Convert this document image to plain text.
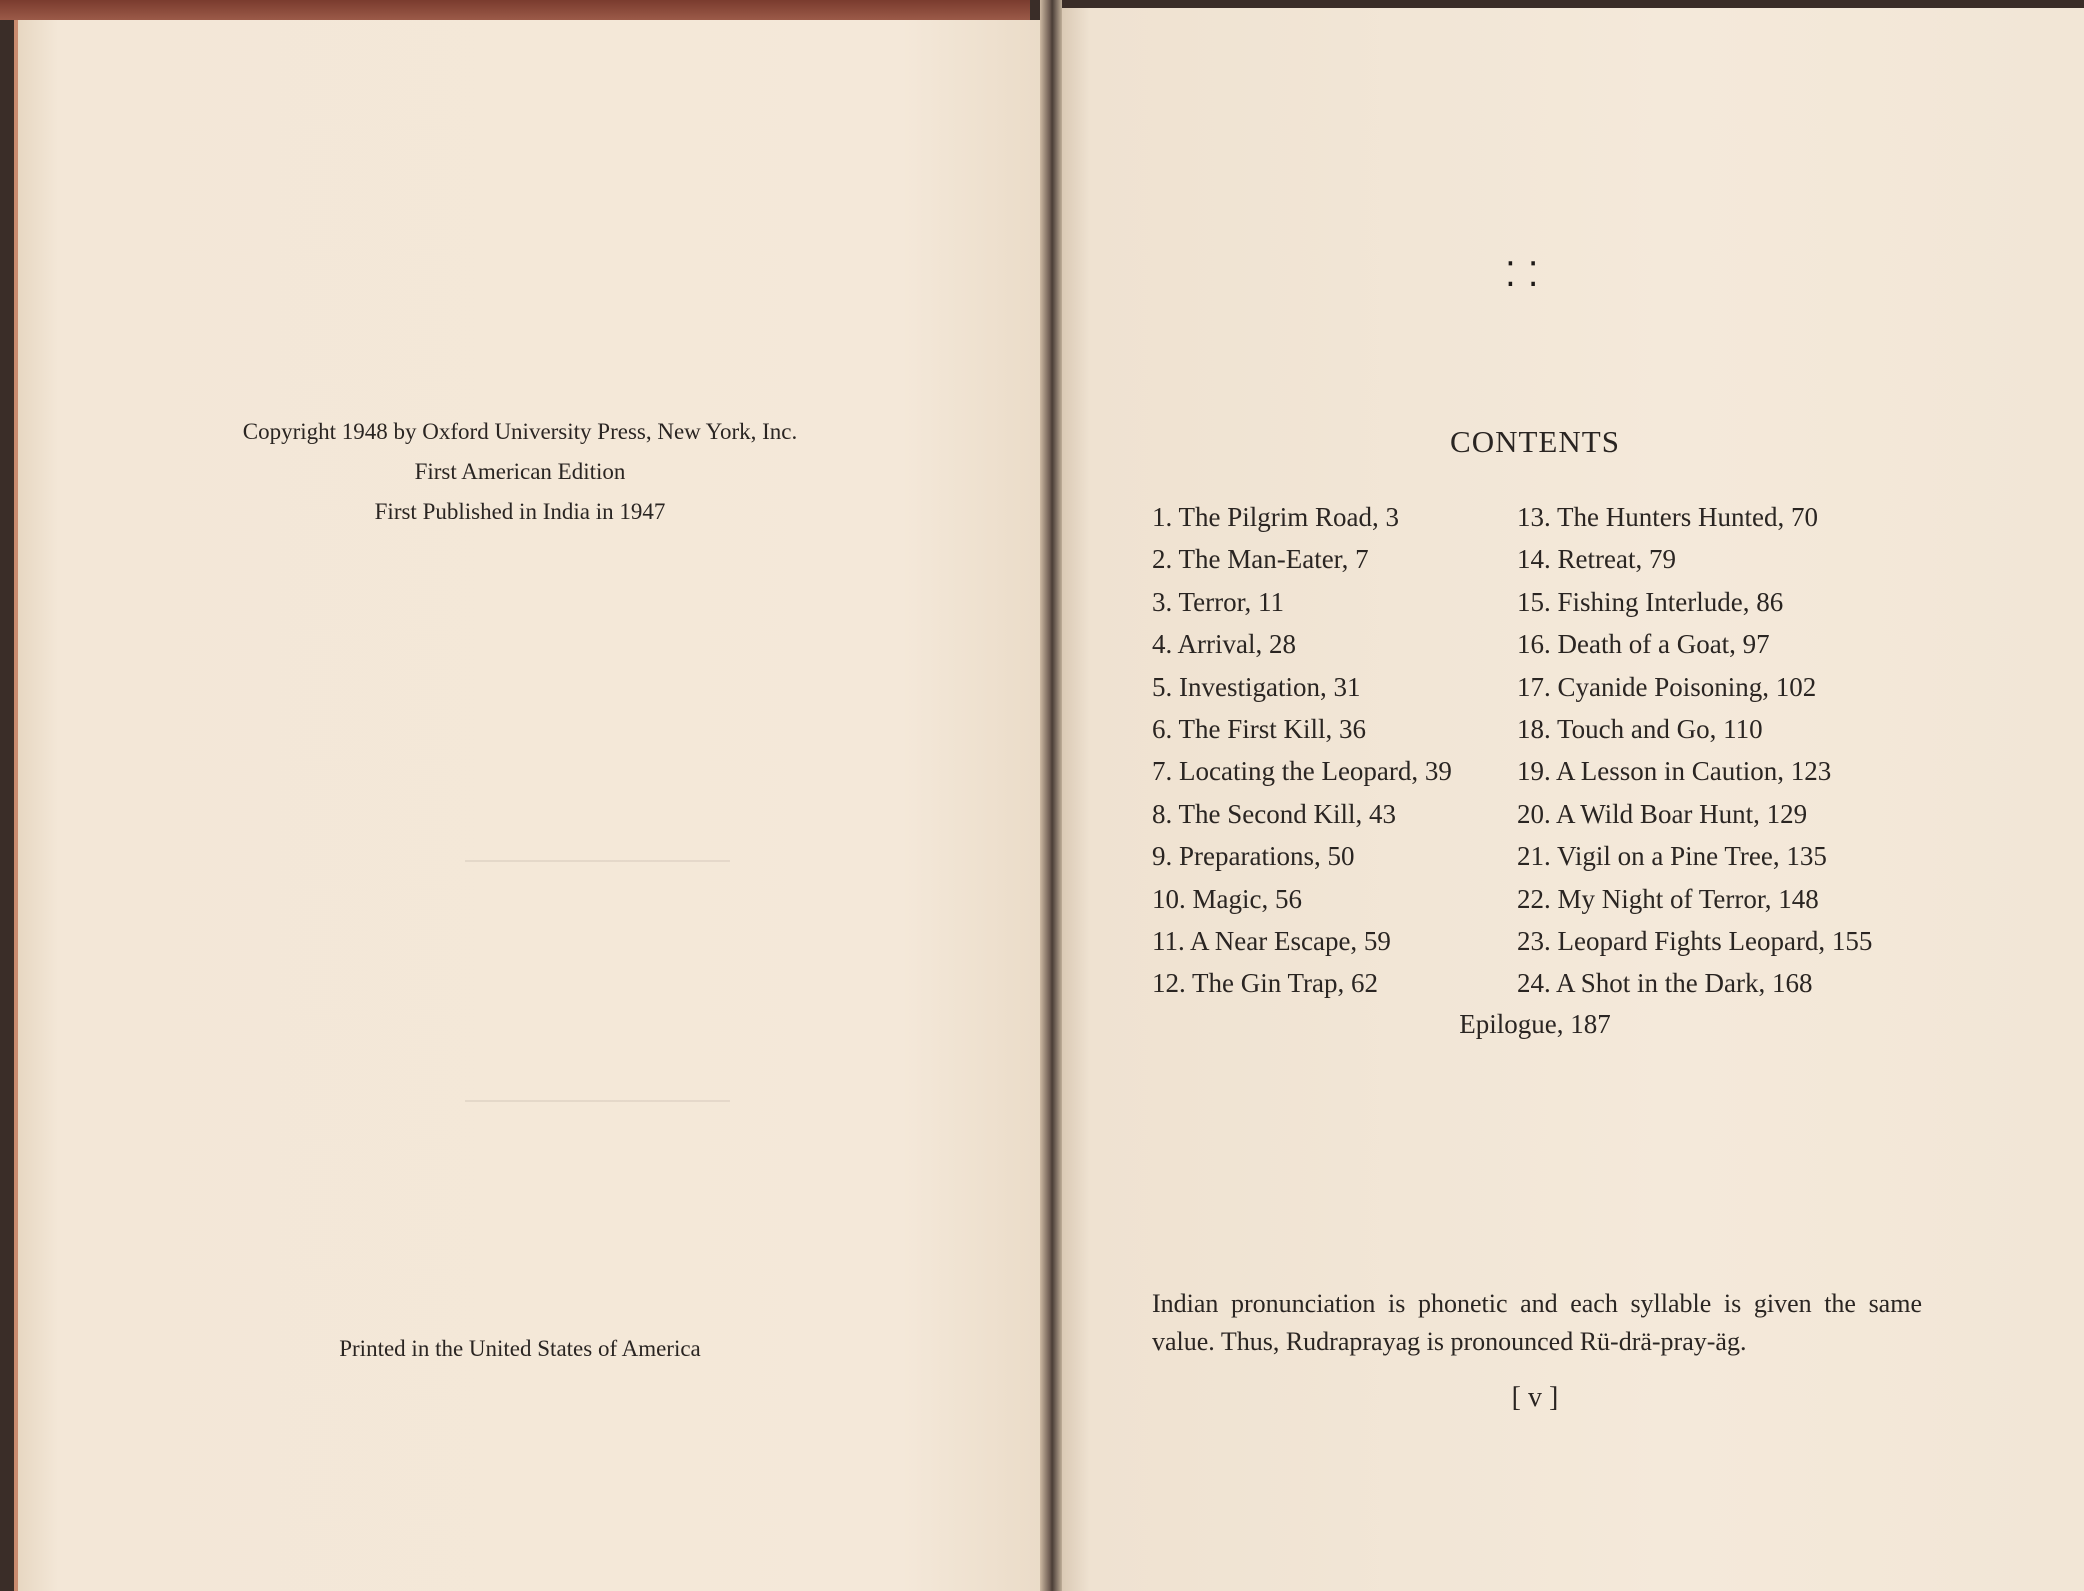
Copyright 1948 by Oxford University Press, New York, Inc.
First American Edition
First Published in India in 1947
Printed in the United States of America
⁚⁚
CONTENTS
1. The Pilgrim Road, 3
2. The Man-Eater, 7
3. Terror, 11
4. Arrival, 28
5. Investigation, 31
6. The First Kill, 36
7. Locating the Leopard, 39
8. The Second Kill, 43
9. Preparations, 50
10. Magic, 56
11. A Near Escape, 59
12. The Gin Trap, 62
13. The Hunters Hunted, 70
14. Retreat, 79
15. Fishing Interlude, 86
16. Death of a Goat, 97
17. Cyanide Poisoning, 102
18. Touch and Go, 110
19. A Lesson in Caution, 123
20. A Wild Boar Hunt, 129
21. Vigil on a Pine Tree, 135
22. My Night of Terror, 148
23. Leopard Fights Leopard, 155
24. A Shot in the Dark, 168
Epilogue, 187
Indian pronunciation is phonetic and each syllable is given the same value. Thus, Rudraprayag is pronounced Rü-drä-pray-äg.
[ v ]
